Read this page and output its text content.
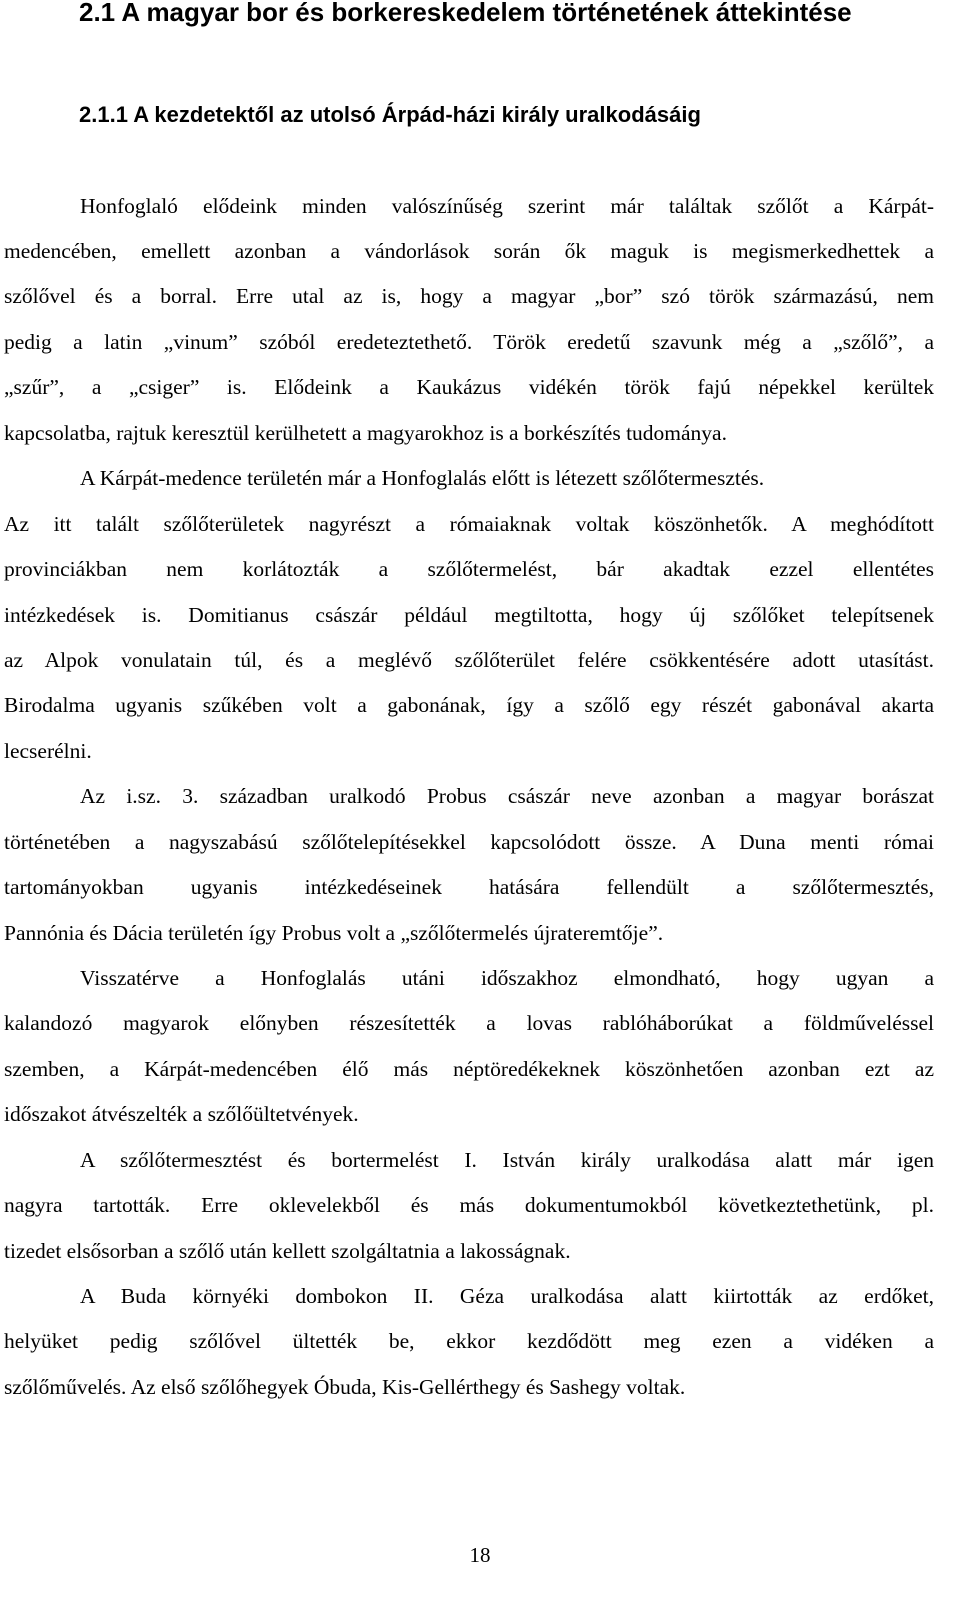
2.1 A magyar bor és borkereskedelem történetének áttekintése
2.1.1 A kezdetektől az utolsó Árpád-házi király uralkodásáig
Honfoglaló elődeink minden valószínűség szerint már találtak szőlőt a Kárpát-
medencében, emellett azonban a vándorlások során ők maguk is megismerkedhettek a
szőlővel és a borral. Erre utal az is, hogy a magyar „bor” szó török származású, nem
pedig a latin „vinum” szóból eredeteztethető. Török eredetű szavunk még a „szőlő”, a
„szűr”, a „csiger” is. Elődeink a Kaukázus vidékén török fajú népekkel kerültek
kapcsolatba, rajtuk keresztül kerülhetett a magyarokhoz is a borkészítés tudománya.
A Kárpát-medence területén már a Honfoglalás előtt is létezett szőlőtermesztés.
Az itt talált szőlőterületek nagyrészt a rómaiaknak voltak köszönhetők. A meghódított
provinciákban nem korlátozták a szőlőtermelést, bár akadtak ezzel ellentétes
intézkedések is. Domitianus császár például megtiltotta, hogy új szőlőket telepítsenek
az Alpok vonulatain túl, és a meglévő szőlőterület felére csökkentésére adott utasítást.
Birodalma ugyanis szűkében volt a gabonának, így a szőlő egy részét gabonával akarta
lecserélni.
Az i.sz. 3. században uralkodó Probus császár neve azonban a magyar borászat
történetében a nagyszabású szőlőtelepítésekkel kapcsolódott össze. A Duna menti római
tartományokban ugyanis intézkedéseinek hatására fellendült a szőlőtermesztés,
Pannónia és Dácia területén így Probus volt a „szőlőtermelés újrateremtője”.
Visszatérve a Honfoglalás utáni időszakhoz elmondható, hogy ugyan a
kalandozó magyarok előnyben részesítették a lovas rablóháborúkat a földműveléssel
szemben, a Kárpát-medencében élő más néptöredékeknek köszönhetően azonban ezt az
időszakot átvészelték a szőlőültetvények.
A szőlőtermesztést és bortermelést I. István király uralkodása alatt már igen
nagyra tartották. Erre oklevelekből és más dokumentumokból következtethetünk, pl.
tizedet elsősorban a szőlő után kellett szolgáltatnia a lakosságnak.
A Buda környéki dombokon II. Géza uralkodása alatt kiirtották az erdőket,
helyüket pedig szőlővel ültették be, ekkor kezdődött meg ezen a vidéken a
szőlőművelés. Az első szőlőhegyek Óbuda, Kis-Gellérthegy és Sashegy voltak.
18
